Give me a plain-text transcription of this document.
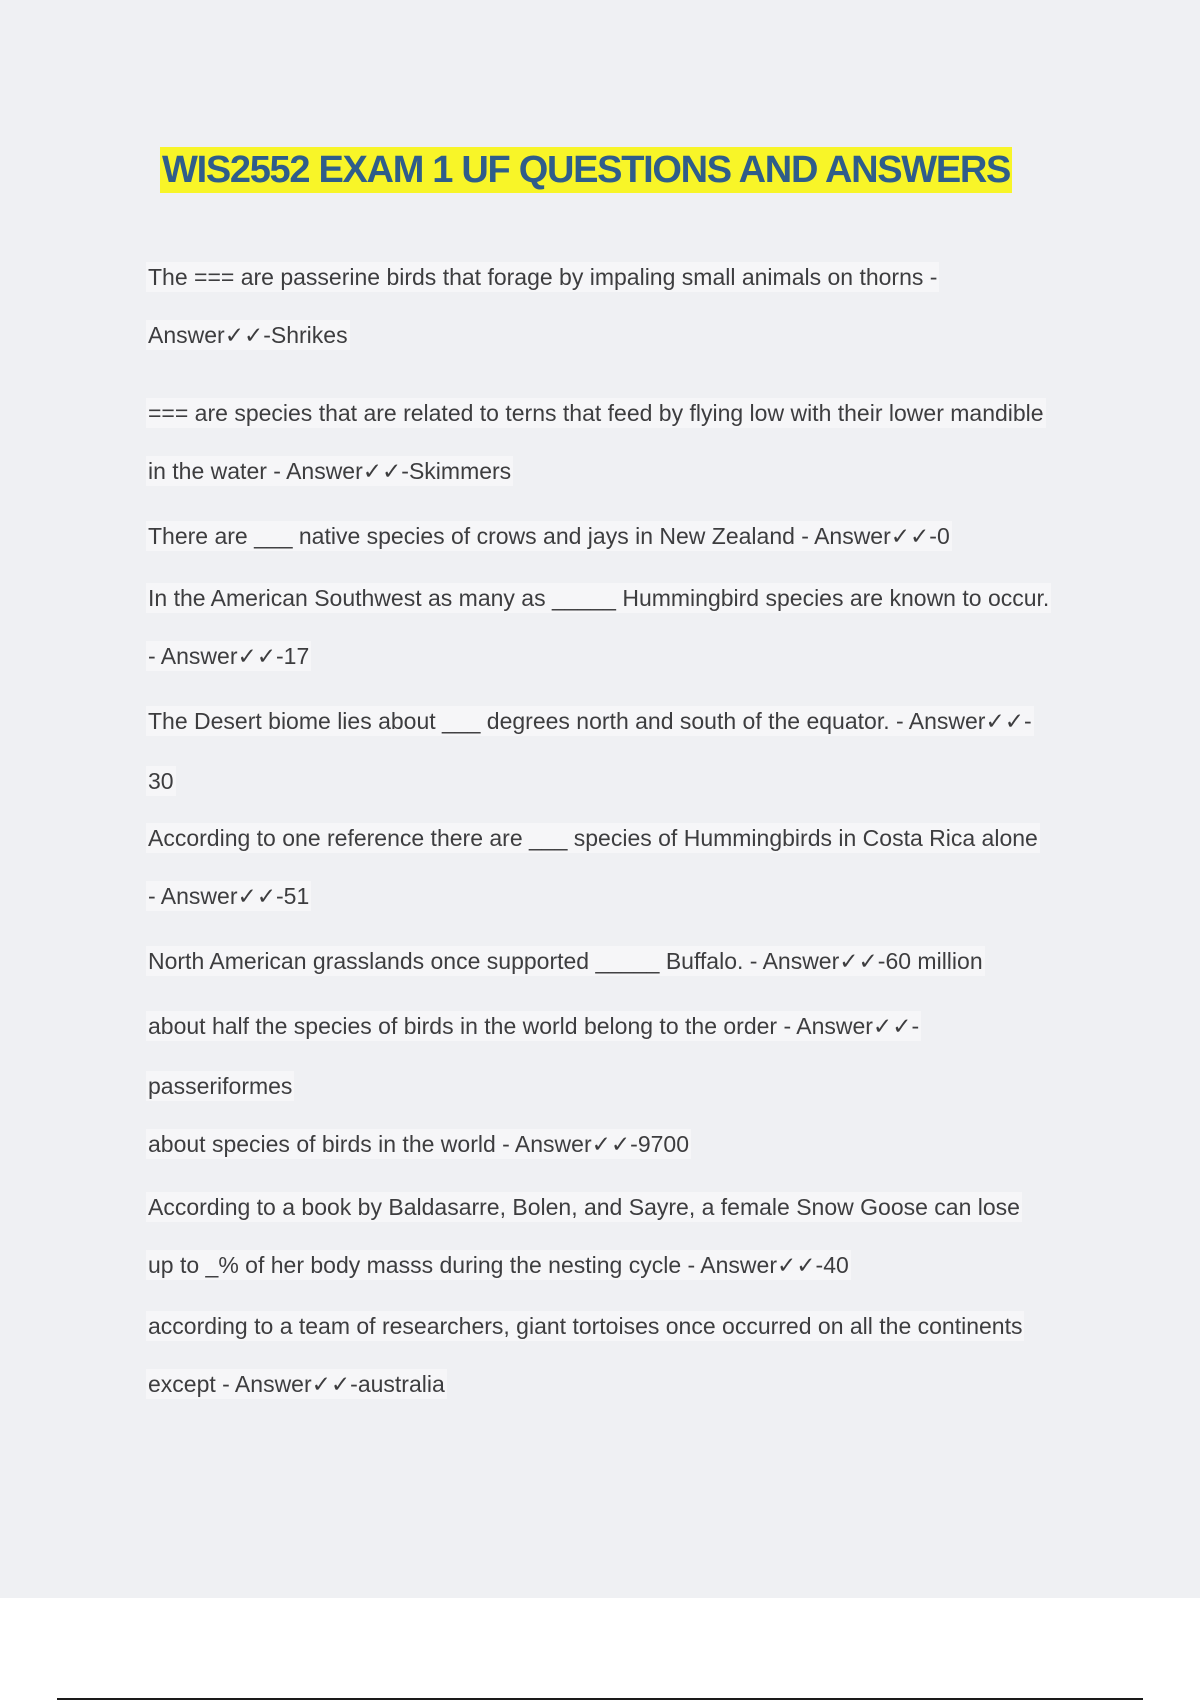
WIS2552 EXAM 1 UF QUESTIONS AND ANSWERS

The === are passerine birds that forage by impaling small animals on thorns -

Answer✓✓-Shrikes

=== are species that are related to terns that feed by flying low with their lower mandible

in the water - Answer✓✓-Skimmers

There are ___ native species of crows and jays in New Zealand - Answer✓✓-0

In the American Southwest as many as _____ Hummingbird species are known to occur.

- Answer✓✓-17

The Desert biome lies about ___ degrees north and south of the equator. - Answer✓✓-

30

According to one reference there are ___ species of Hummingbirds in Costa Rica alone

- Answer✓✓-51

North American grasslands once supported _____ Buffalo. - Answer✓✓-60 million

about half the species of birds in the world belong to the order - Answer✓✓-

passeriformes

about species of birds in the world - Answer✓✓-9700

According to a book by Baldasarre, Bolen, and Sayre, a female Snow Goose can lose

up to _% of her body masss during the nesting cycle - Answer✓✓-40

according to a team of researchers, giant tortoises once occurred on all the continents

except - Answer✓✓-australia
